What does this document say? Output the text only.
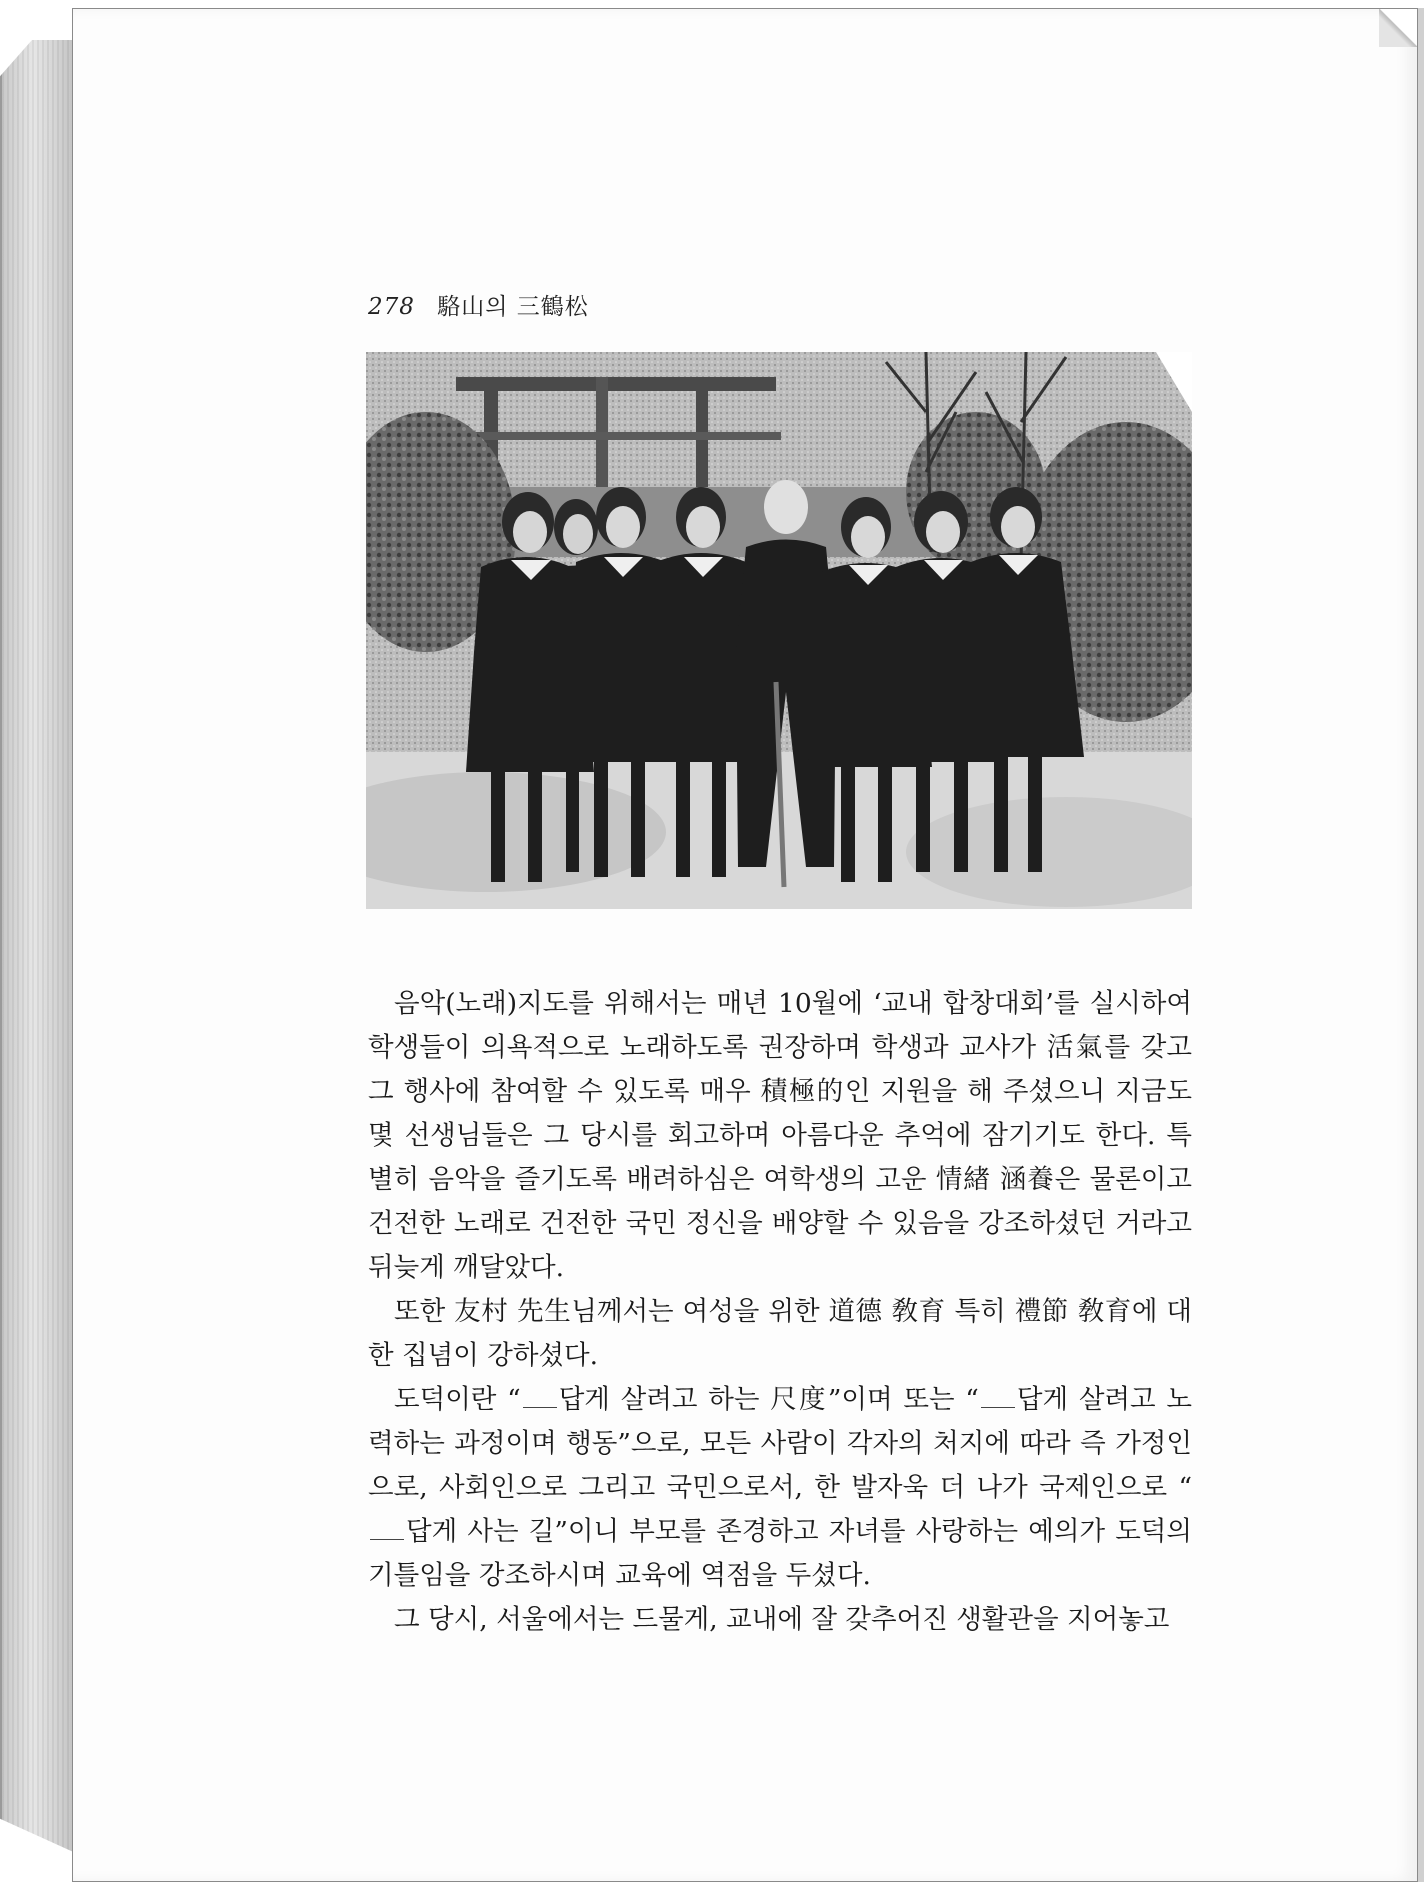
278 駱山의 三鶴松

음악(노래)지도를 위해서는 매년 10월에 ‘교내 합창대회’를 실시하여 학생들이 의욕적으로 노래하도록 권장하며 학생과 교사가 活氣를 갖고 그 행사에 참여할 수 있도록 매우 積極的인 지원을 해 주셨으니 지금도 몇 선생님들은 그 당시를 회고하며 아름다운 추억에 잠기기도 한다. 특별히 음악을 즐기도록 배려하심은 여학생의 고운 情緖 涵養은 물론이고 건전한 노래로 건전한 국민 정신을 배양할 수 있음을 강조하셨던 거라고 뒤늦게 깨달았다.

또한 友村 先生님께서는 여성을 위한 道德 敎育 특히 禮節 敎育에 대한 집념이 강하셨다.

도덕이란 “ 답게 살려고 하는 尺度”이며 또는 “ 답게 살려고 노력하는 과정이며 행동”으로, 모든 사람이 각자의 처지에 따라 즉 가정인으로, 사회인으로 그리고 국민으로서, 한 발자욱 더 나가 국제인으로 “답게 사는 길”이니 부모를 존경하고 자녀를 사랑하는 예의가 도덕의 기틀임을 강조하시며 교육에 역점을 두셨다.

그 당시, 서울에서는 드물게, 교내에 잘 갖추어진 생활관을 지어놓고
